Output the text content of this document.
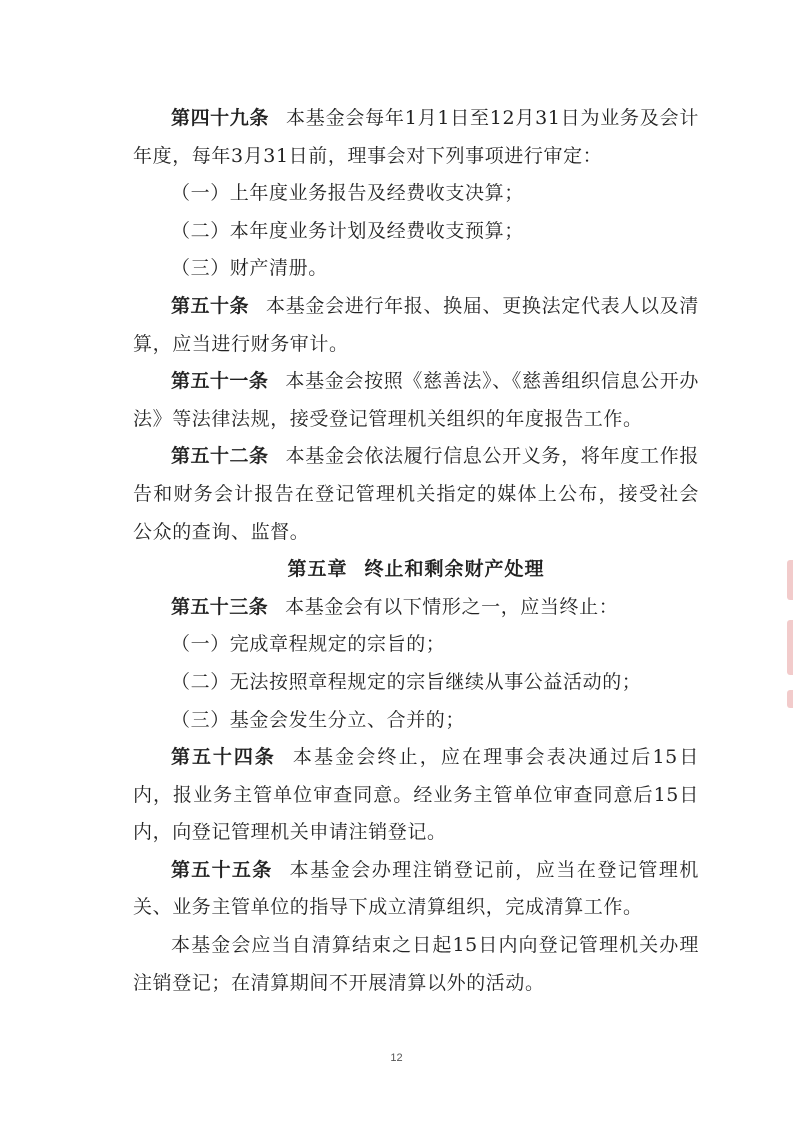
第四十九条 本基金会每年1月1日至12月31日为业务及会计年度，每年3月31日前，理事会对下列事项进行审定：

（一）上年度业务报告及经费收支决算；

（二）本年度业务计划及经费收支预算；

（三）财产清册。

第五十条 本基金会进行年报、换届、更换法定代表人以及清算，应当进行财务审计。

第五十一条 本基金会按照《慈善法》、《慈善组织信息公开办法》等法律法规，接受登记管理机关组织的年度报告工作。

第五十二条 本基金会依法履行信息公开义务，将年度工作报告和财务会计报告在登记管理机关指定的媒体上公布，接受社会公众的查询、监督。

第五章 终止和剩余财产处理

第五十三条 本基金会有以下情形之一，应当终止：

（一）完成章程规定的宗旨的；

（二）无法按照章程规定的宗旨继续从事公益活动的；

（三）基金会发生分立、合并的；

第五十四条 本基金会终止，应在理事会表决通过后15日内，报业务主管单位审查同意。经业务主管单位审查同意后15日内，向登记管理机关申请注销登记。

第五十五条 本基金会办理注销登记前，应当在登记管理机关、业务主管单位的指导下成立清算组织，完成清算工作。

本基金会应当自清算结束之日起15日内向登记管理机关办理注销登记；在清算期间不开展清算以外的活动。

12
